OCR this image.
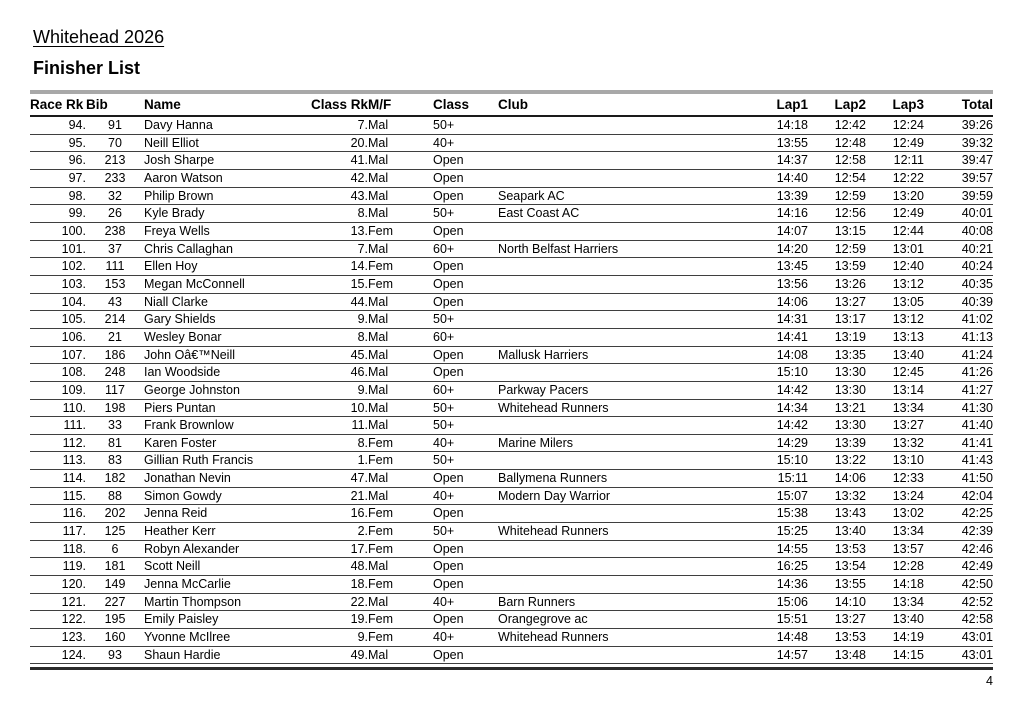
Whitehead 2026
Finisher List
Race Rk	Bib	Name	Class Rk	M/F	Class	Club	Lap1	Lap2	Lap3	Total
94.	91	Davy Hanna	7.	Mal	50+		14:18	12:42	12:24	39:26
95.	70	Neill Elliot	20.	Mal	40+		13:55	12:48	12:49	39:32
96.	213	Josh Sharpe	41.	Mal	Open		14:37	12:58	12:11	39:47
97.	233	Aaron Watson	42.	Mal	Open		14:40	12:54	12:22	39:57
98.	32	Philip Brown	43.	Mal	Open	Seapark AC	13:39	12:59	13:20	39:59
99.	26	Kyle Brady	8.	Mal	50+	East Coast AC	14:16	12:56	12:49	40:01
100.	238	Freya Wells	13.	Fem	Open		14:07	13:15	12:44	40:08
101.	37	Chris Callaghan	7.	Mal	60+	North Belfast Harriers	14:20	12:59	13:01	40:21
102.	111	Ellen Hoy	14.	Fem	Open		13:45	13:59	12:40	40:24
103.	153	Megan McConnell	15.	Fem	Open		13:56	13:26	13:12	40:35
104.	43	Niall Clarke	44.	Mal	Open		14:06	13:27	13:05	40:39
105.	214	Gary Shields	9.	Mal	50+		14:31	13:17	13:12	41:02
106.	21	Wesley Bonar	8.	Mal	60+		14:41	13:19	13:13	41:13
107.	186	John Oâ€™Neill	45.	Mal	Open	Mallusk Harriers	14:08	13:35	13:40	41:24
108.	248	Ian Woodside	46.	Mal	Open		15:10	13:30	12:45	41:26
109.	117	George Johnston	9.	Mal	60+	Parkway Pacers	14:42	13:30	13:14	41:27
110.	198	Piers Puntan	10.	Mal	50+	Whitehead Runners	14:34	13:21	13:34	41:30
111.	33	Frank Brownlow	11.	Mal	50+		14:42	13:30	13:27	41:40
112.	81	Karen Foster	8.	Fem	40+	Marine Milers	14:29	13:39	13:32	41:41
113.	83	Gillian Ruth Francis	1.	Fem	50+		15:10	13:22	13:10	41:43
114.	182	Jonathan Nevin	47.	Mal	Open	Ballymena Runners	15:11	14:06	12:33	41:50
115.	88	Simon Gowdy	21.	Mal	40+	Modern Day Warrior	15:07	13:32	13:24	42:04
116.	202	Jenna Reid	16.	Fem	Open		15:38	13:43	13:02	42:25
117.	125	Heather Kerr	2.	Fem	50+	Whitehead Runners	15:25	13:40	13:34	42:39
118.	6	Robyn Alexander	17.	Fem	Open		14:55	13:53	13:57	42:46
119.	181	Scott Neill	48.	Mal	Open		16:25	13:54	12:28	42:49
120.	149	Jenna McCarlie	18.	Fem	Open		14:36	13:55	14:18	42:50
121.	227	Martin Thompson	22.	Mal	40+	Barn Runners	15:06	14:10	13:34	42:52
122.	195	Emily Paisley	19.	Fem	Open	Orangegrove ac	15:51	13:27	13:40	42:58
123.	160	Yvonne McIlree	9.	Fem	40+	Whitehead Runners	14:48	13:53	14:19	43:01
124.	93	Shaun Hardie	49.	Mal	Open		14:57	13:48	14:15	43:01
4
